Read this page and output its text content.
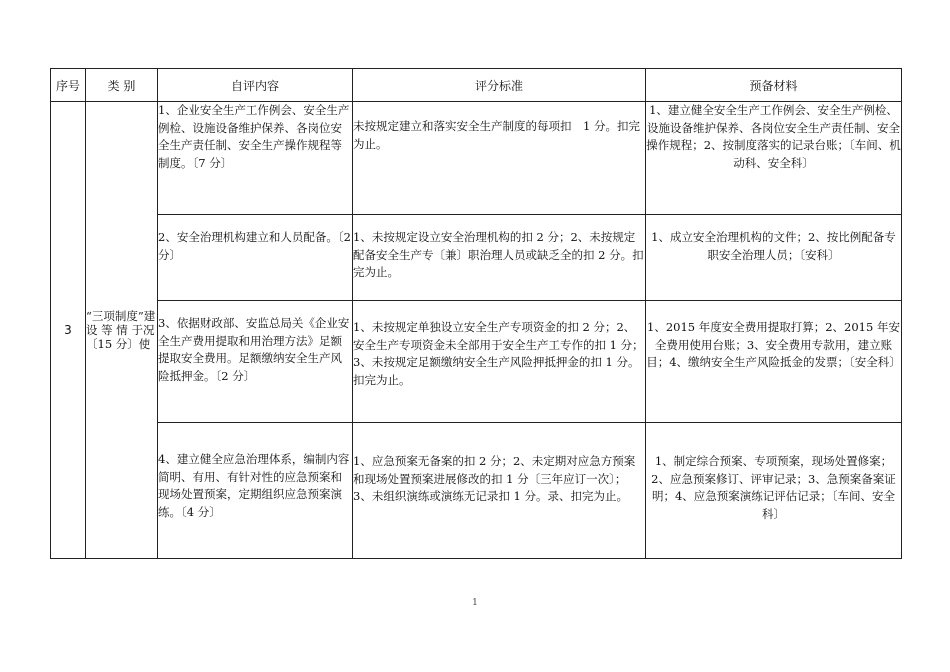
序号	类 别	自评内容	评分标准	预备材料
3	“三项制度”建 设 等 情 于况〔15 分〕使	1、企业安全生产工作例会、安全生产例检、设施设备维护保养、各岗位安全生产责任制、安全生产操作规程等制度。〔7 分〕	未按规定建立和落实安全生产制度的每项扣　1 分。扣完为止。	1、建立健全安全生产工作例会、安全生产例检、设施设备维护保养、各岗位安全生产责任制、安全操作规程；2、按制度落实的记录台账；〔车间、机动科、安全科〕
		2、安全治理机构建立和人员配备。〔2 分〕	1、未按规定设立安全治理机构的扣 2 分；2、未按规定配备安全生产专〔兼〕职治理人员或缺乏全的扣 2 分。扣完为止。	1、成立安全治理机构的文件；2、按比例配备专职安全治理人员；〔安科〕
		3、依据财政部、安监总局关《企业安全生产费用提取和用治理方法》足额提取安全费用。足额缴纳安全生产风险抵押金。〔2 分〕	1、未按规定单独设立安全生产专项资金的扣 2 分；2、安全生产专项资金未全部用于安全生产工专作的扣 1 分；3、未按规定足额缴纳安全生产风险押抵押金的扣 1 分。扣完为止。	1、2015 年度安全费用提取打算；2、2015 年安全费用使用台账；3、安全费用专款用，建立账目；4、缴纳安全生产风险抵金的发票；〔安全科〕
		4、建立健全应急治理体系，编制内容简明、有用、有针对性的应急预案和现场处置预案，定期组织应急预案演练。〔4 分〕	1、应急预案无备案的扣 2 分；2、未定期对应急方预案和现场处置预案进展修改的扣 1 分〔三年应订一次〕；3、未组织演练或演练无记录扣 1 分。录、扣完为止。	1、制定综合预案、专项预案，现场处置修案；2、应急预案修订、评审记录；3、急预案备案证明；4、应急预案演练记评估记录；〔车间、安全科〕
1
